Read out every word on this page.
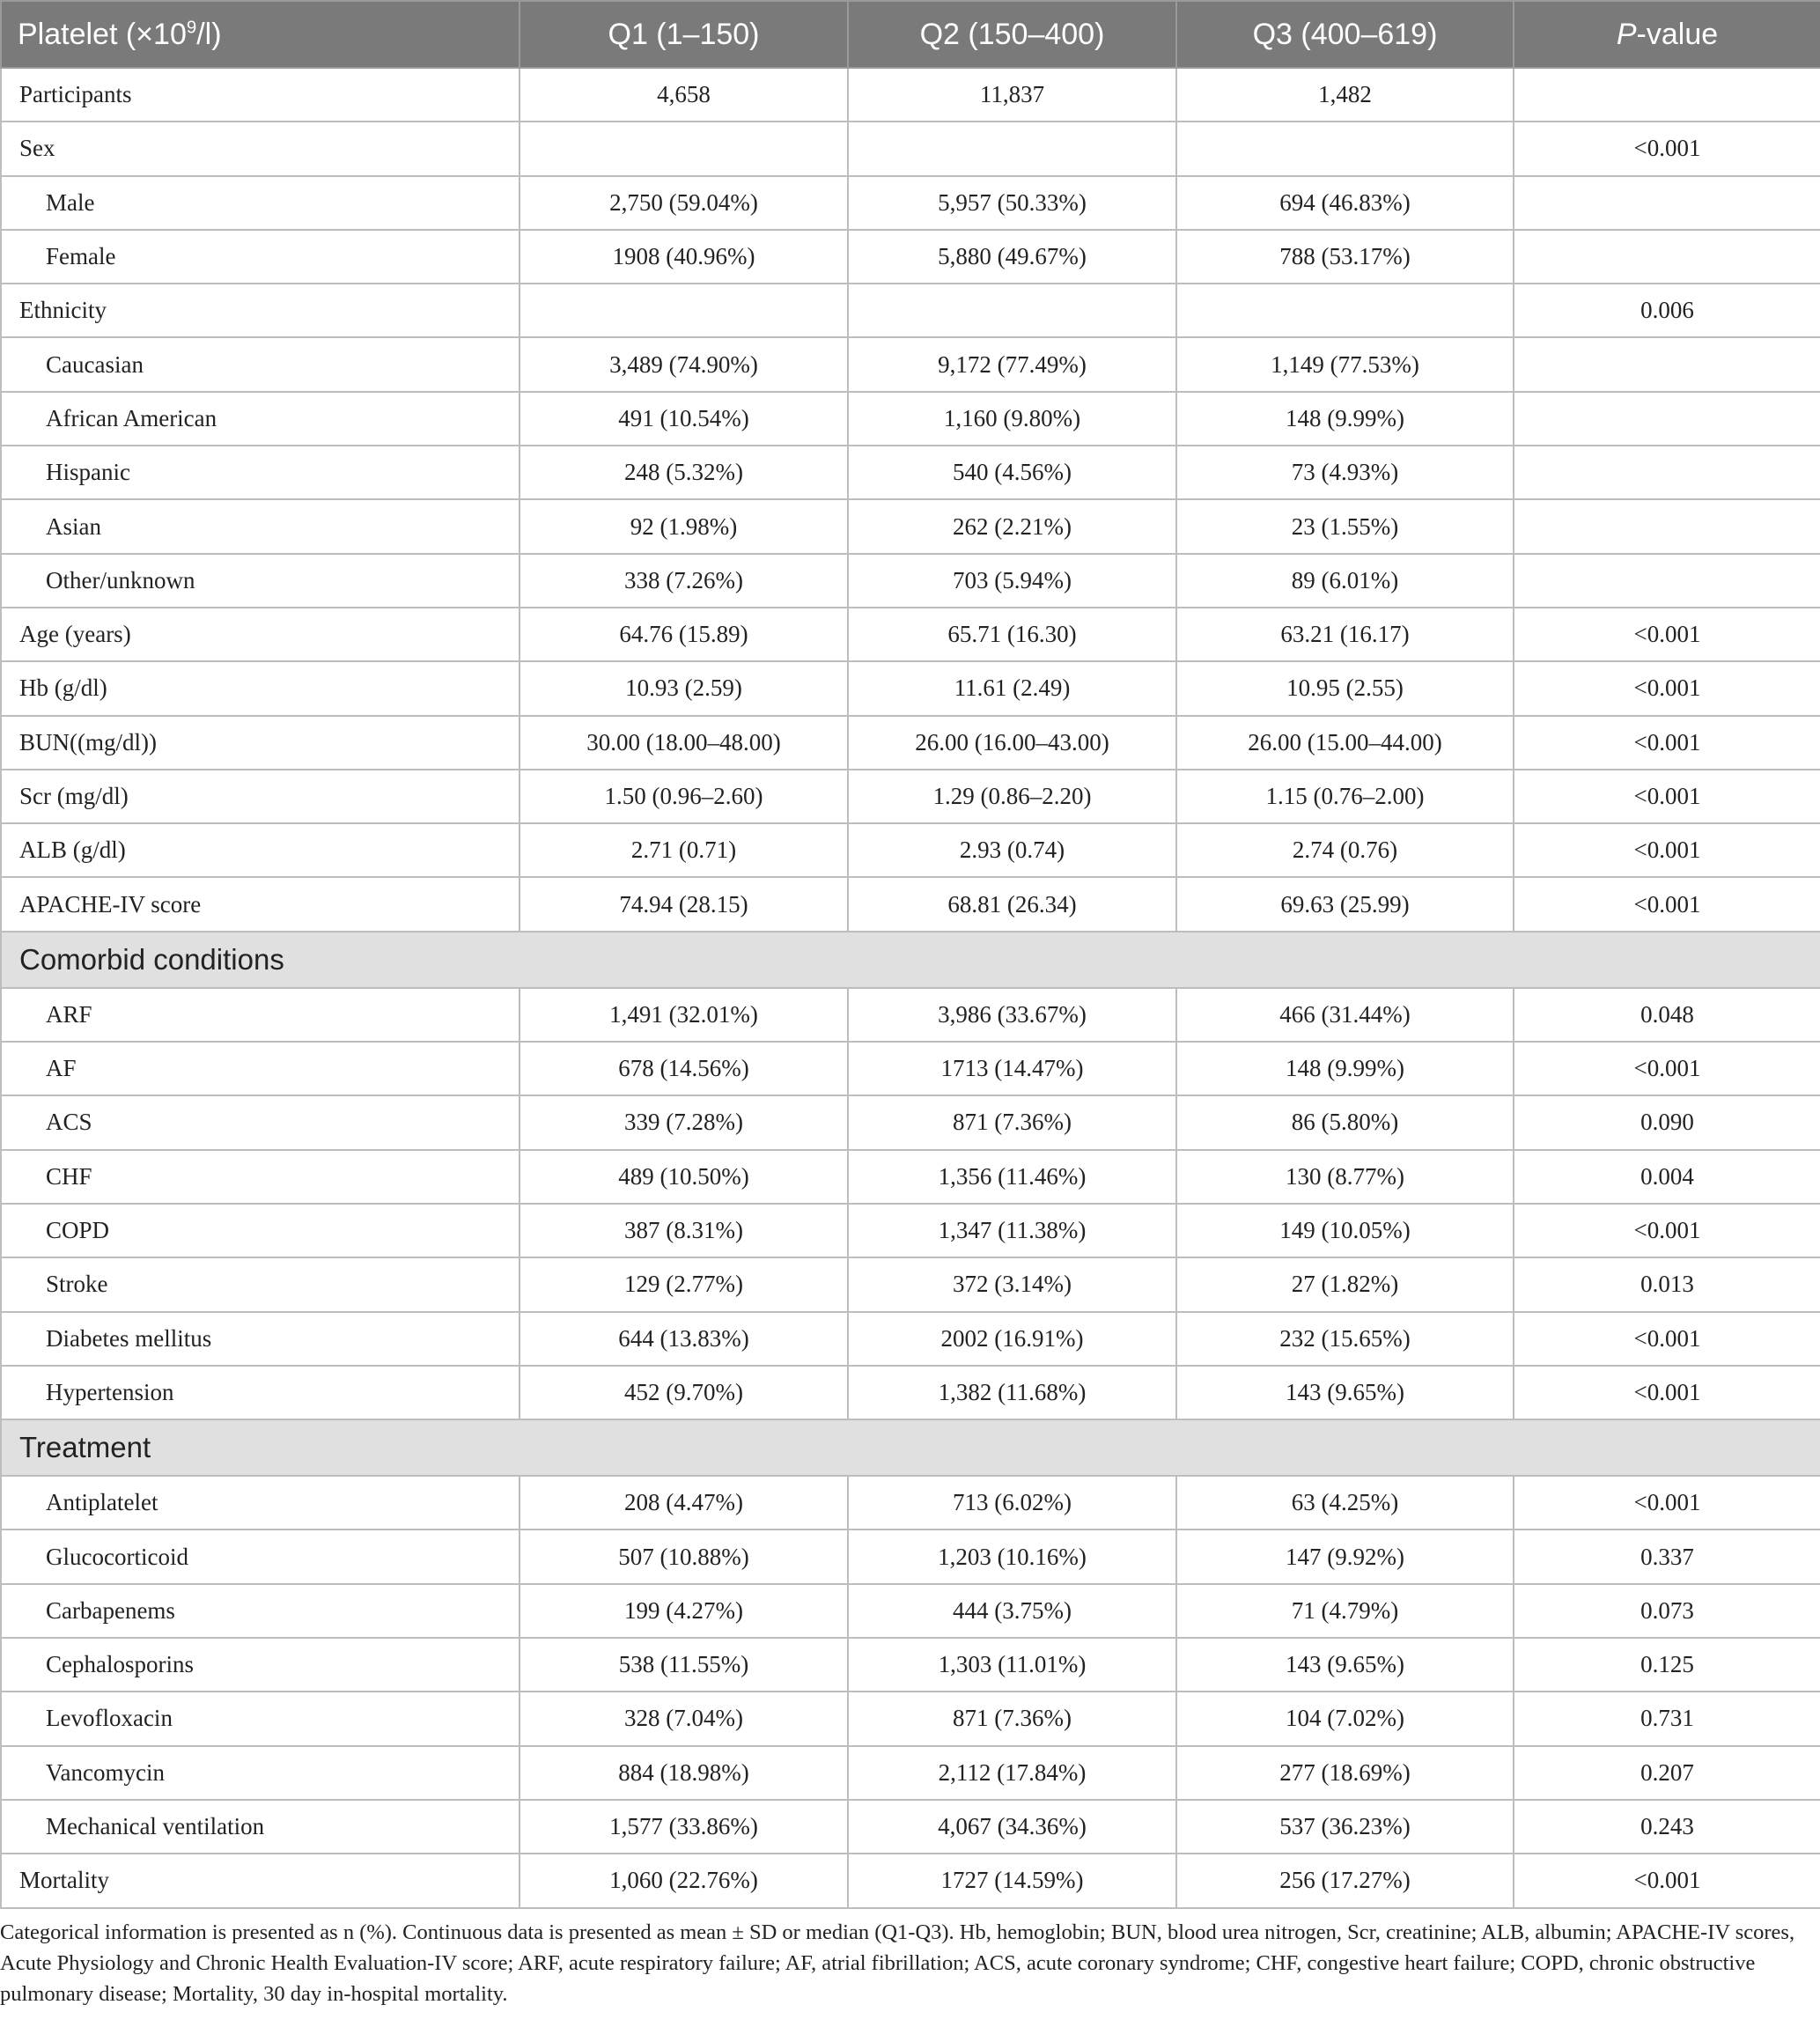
Platelet $(\times 10^9/l)$	Q1 (1–150)	Q2 (150–400)	Q3 (400–619)	P-value
Participants	4,658	11,837	1,482	
Sex				<0.001
Male	2,750 (59.04%)	5,957 (50.33%)	694 (46.83%)	
Female	1908 (40.96%)	5,880 (49.67%)	788 (53.17%)	
Ethnicity				0.006
Caucasian	3,489 (74.90%)	9,172 (77.49%)	1,149 (77.53%)	
African American	491 (10.54%)	1,160 (9.80%)	148 (9.99%)	
Hispanic	248 (5.32%)	540 (4.56%)	73 (4.93%)	
Asian	92 (1.98%)	262 (2.21%)	23 (1.55%)	
Other/unknown	338 (7.26%)	703 (5.94%)	89 (6.01%)	
Age (years)	64.76 (15.89)	65.71 (16.30)	63.21 (16.17)	<0.001
Hb (g/dl)	10.93 (2.59)	11.61 (2.49)	10.95 (2.55)	<0.001
BUN((mg/dl))	30.00 (18.00–48.00)	26.00 (16.00–43.00)	26.00 (15.00–44.00)	<0.001
Scr (mg/dl)	1.50 (0.96–2.60)	1.29 (0.86–2.20)	1.15 (0.76–2.00)	<0.001
ALB (g/dl)	2.71 (0.71)	2.93 (0.74)	2.74 (0.76)	<0.001
APACHE-IV score	74.94 (28.15)	68.81 (26.34)	69.63 (25.99)	<0.001
Comorbid conditions				
ARF	1,491 (32.01%)	3,986 (33.67%)	466 (31.44%)	0.048
AF	678 (14.56%)	1713 (14.47%)	148 (9.99%)	<0.001
ACS	339 (7.28%)	871 (7.36%)	86 (5.80%)	0.090
CHF	489 (10.50%)	1,356 (11.46%)	130 (8.77%)	0.004
COPD	387 (8.31%)	1,347 (11.38%)	149 (10.05%)	<0.001
Stroke	129 (2.77%)	372 (3.14%)	27 (1.82%)	0.013
Diabetes mellitus	644 (13.83%)	2002 (16.91%)	232 (15.65%)	<0.001
Hypertension	452 (9.70%)	1,382 (11.68%)	143 (9.65%)	<0.001
Treatment				
Antiplatelet	208 (4.47%)	713 (6.02%)	63 (4.25%)	<0.001
Glucocorticoid	507 (10.88%)	1,203 (10.16%)	147 (9.92%)	0.337
Carbapenems	199 (4.27%)	444 (3.75%)	71 (4.79%)	0.073
Cephalosporins	538 (11.55%)	1,303 (11.01%)	143 (9.65%)	0.125
Levofloxacin	328 (7.04%)	871 (7.36%)	104 (7.02%)	0.731
Vancomycin	884 (18.98%)	2,112 (17.84%)	277 (18.69%)	0.207
Mechanical ventilation	1,577 (33.86%)	4,067 (34.36%)	537 (36.23%)	0.243
Mortality	1,060 (22.76%)	1727 (14.59%)	256 (17.27%)	<0.001
Categorical information is presented as n (%). Continuous data is presented as mean ± SD or median (Q1-Q3). Hb, hemoglobin; BUN, blood urea nitrogen, Scr, creatinine; ALB, albumin; APACHE-IV scores, Acute Physiology and Chronic Health Evaluation-IV score; ARF, acute respiratory failure; AF, atrial fibrillation; ACS, acute coronary syndrome; CHF, congestive heart failure; COPD, chronic obstructive pulmonary disease; Mortality, 30 day in-hospital mortality.
